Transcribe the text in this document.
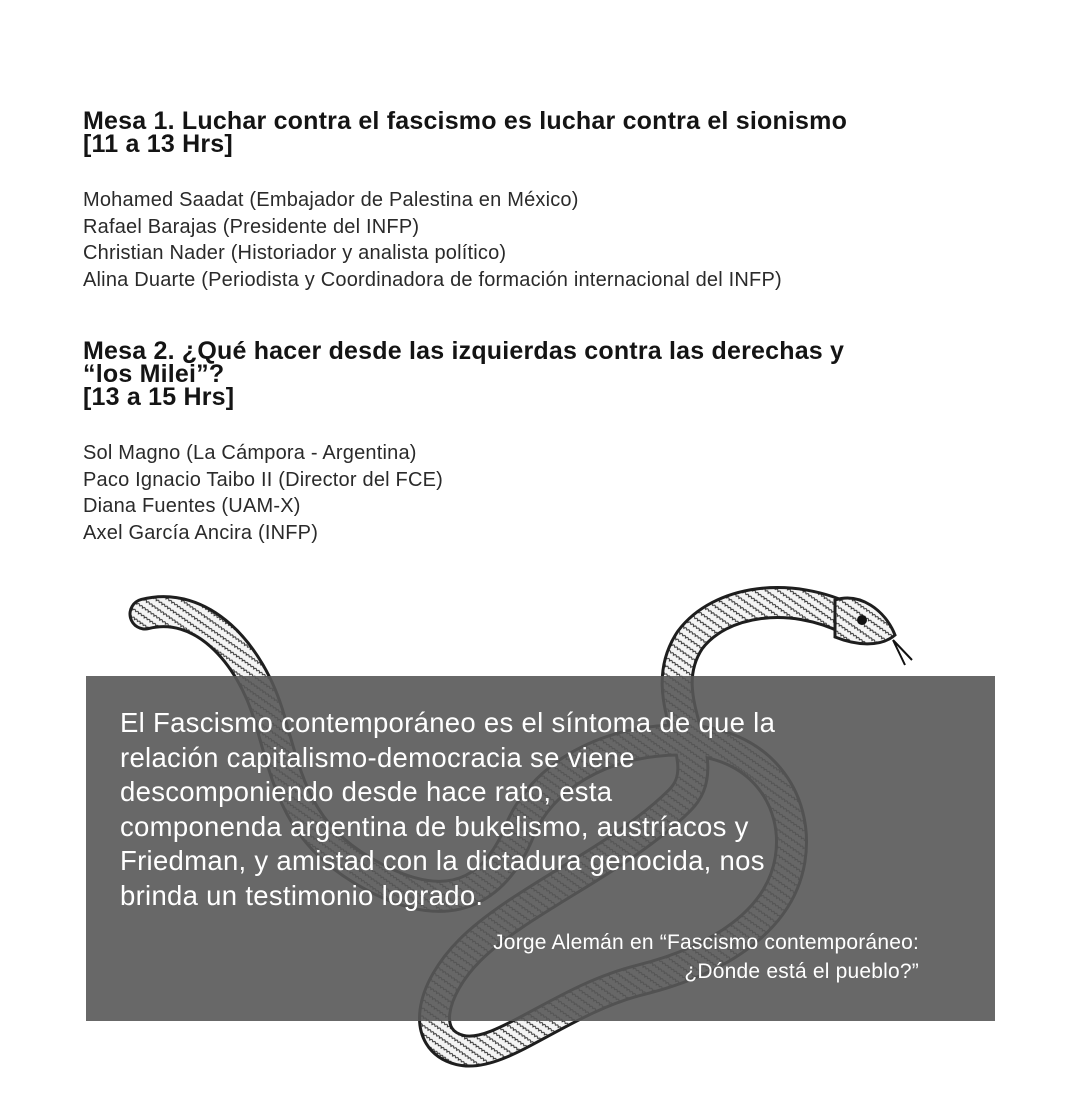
Mesa 1. Luchar contra el fascismo es luchar contra el sionismo
[11 a 13 Hrs]
Mohamed Saadat (Embajador de Palestina en México)
Rafael Barajas (Presidente del INFP)
Christian Nader (Historiador y analista político)
Alina Duarte (Periodista y Coordinadora de formación internacional del INFP)
Mesa 2. ¿Qué hacer desde las izquierdas contra las derechas y
“los Milei”?
[13 a 15 Hrs]
Sol Magno (La Cámpora - Argentina)
Paco Ignacio Taibo II (Director del FCE)
Diana Fuentes (UAM-X)
Axel García Ancira (INFP)

El Fascismo contemporáneo es el síntoma de que la
relación capitalismo-democracia se viene
descomponiendo desde hace rato, esta
componenda argentina de bukelismo, austríacos y
Friedman, y amistad con la dictadura genocida, nos
brinda un testimonio logrado.

Jorge Alemán en “Fascismo contemporáneo:
¿Dónde está el pueblo?”
